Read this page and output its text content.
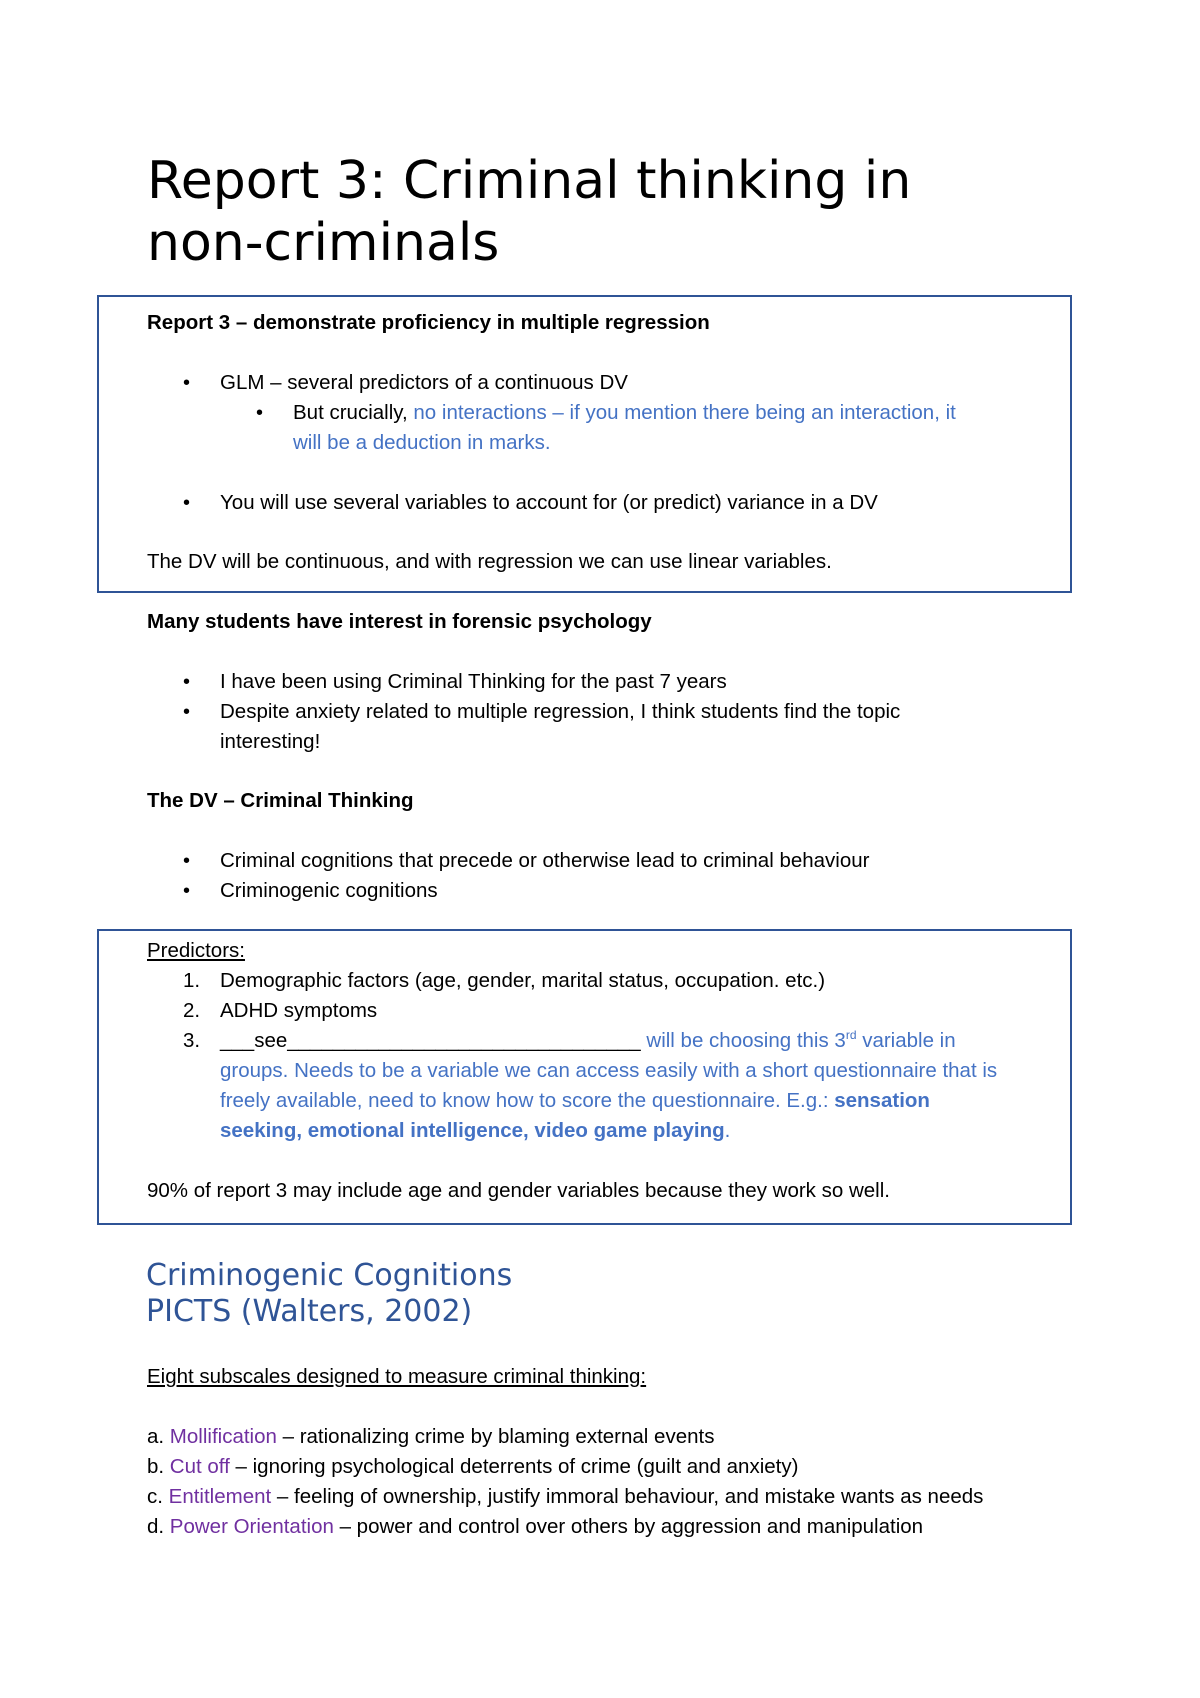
Report 3: Criminal thinking in
non-criminals
Report 3 – demonstrate proficiency in multiple regression
• GLM – several predictors of a continuous DV
• But crucially, no interactions – if you mention there being an interaction, it
will be a deduction in marks.
• You will use several variables to account for (or predict) variance in a DV
The DV will be continuous, and with regression we can use linear variables.
Many students have interest in forensic psychology
• I have been using Criminal Thinking for the past 7 years
• Despite anxiety related to multiple regression, I think students find the topic
interesting!
The DV – Criminal Thinking
• Criminal cognitions that precede or otherwise lead to criminal behaviour
• Criminogenic cognitions
Predictors:
1. Demographic factors (age, gender, marital status, occupation. etc.)
2. ADHD symptoms
3. ___see_______________________________ will be choosing this 3rd variable in
groups. Needs to be a variable we can access easily with a short questionnaire that is
freely available, need to know how to score the questionnaire. E.g.: sensation
seeking, emotional intelligence, video game playing.
90% of report 3 may include age and gender variables because they work so well.
Criminogenic Cognitions
PICTS (Walters, 2002)
Eight subscales designed to measure criminal thinking:
a. Mollification – rationalizing crime by blaming external events
b. Cut off – ignoring psychological deterrents of crime (guilt and anxiety)
c. Entitlement – feeling of ownership, justify immoral behaviour, and mistake wants as needs
d. Power Orientation – power and control over others by aggression and manipulation
